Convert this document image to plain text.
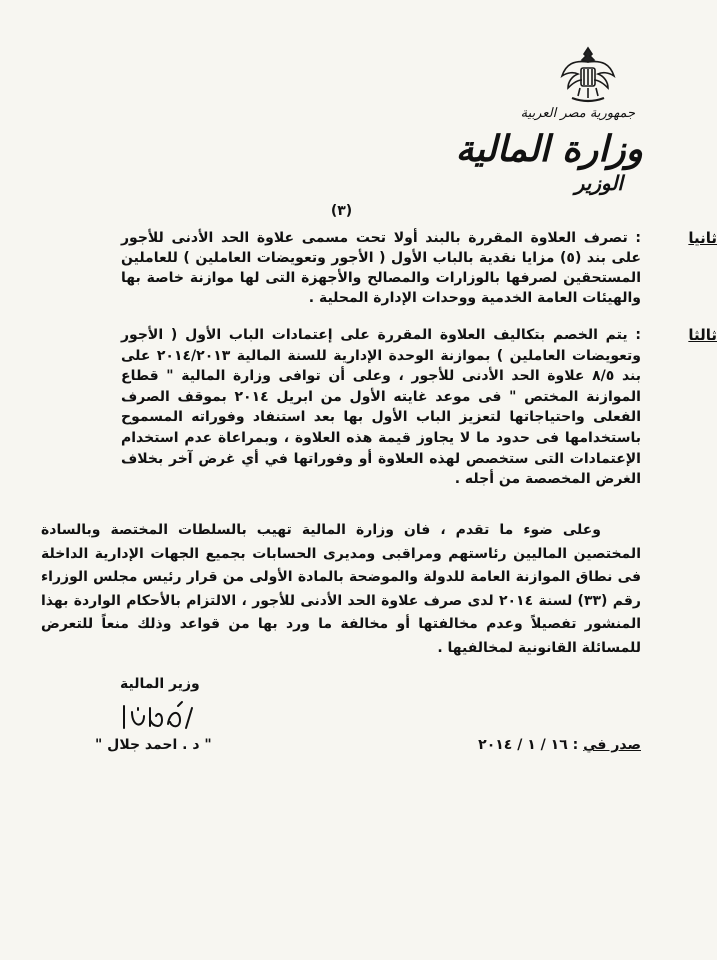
جمهورية مصر العربية
وزارة المالية
الوزير
(٣)
ثانيا
: تصرف العلاوة المقررة بالبند أولا تحت مسمى علاوة الحد الأدنى للأجور على بند (٥) مزايا نقدية بالباب الأول ( الأجور وتعويضات العاملين ) للعاملين المستحقين لصرفها بالوزارات والمصالح والأجهزة التى لها موازنة خاصة بها والهيئات العامة الخدمية ووحدات الإدارة المحلية .
ثالثا
: يتم الخصم بتكاليف العلاوة المقررة على إعتمادات الباب الأول ( الأجور وتعويضات العاملين ) بموازنة الوحدة الإدارية للسنة المالية ٢٠١٤/٢٠١٣ على بند ٨/٥ علاوة الحد الأدنى للأجور ، وعلى أن توافى وزارة المالية " قطاع الموازنة المختص " فى موعد غايته الأول من ابريل ٢٠١٤ بموقف الصرف الفعلى واحتياجاتها لتعزيز الباب الأول بها بعد استنفاد وفوراته المسموح باستخدامها فى حدود ما لا يجاوز قيمة هذه العلاوة ، وبمراعاة عدم استخدام الإعتمادات التى ستخصص لهذه العلاوة أو وفوراتها في أي غرض آخر بخلاف الغرض المخصصة من أجله .
وعلى ضوء ما تقدم ، فان وزارة المالية تهيب بالسلطات المختصة وبالسادة المختصين الماليين رئاستهم ومراقبى ومديرى الحسابات بجميع الجهات الإدارية الداخلة فى نطاق الموازنة العامة للدولة والموضحة بالمادة الأولى من قرار رئيس مجلس الوزراء رقم (٣٣) لسنة ٢٠١٤ لدى صرف علاوة الحد الأدنى للأجور ، الالتزام بالأحكام الواردة بهذا المنشور تفصيلاً وعدم مخالفتها أو مخالفة ما ورد بها من قواعد وذلك منعاً للتعرض للمسائلة القانونية لمخالفيها .
وزير المالية
" د . احمد جلال "	صدر في : ١٦ / ١ / ٢٠١٤
